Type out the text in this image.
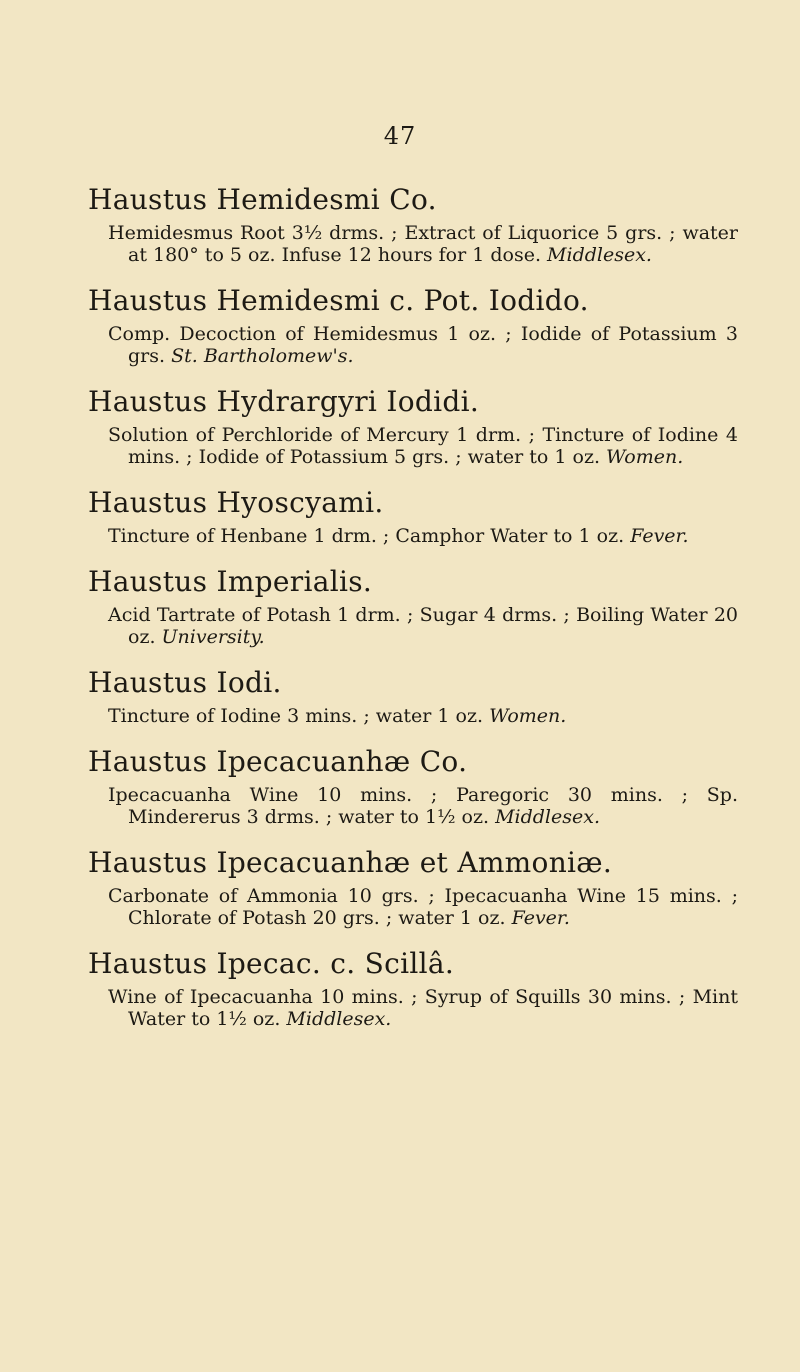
47
Haustus Hemidesmi Co.

Hemidesmus Root 3½ drms. ; Extract of Liquorice 5 grs. ; water at 180° to 5 oz. Infuse 12 hours for 1 dose. Middlesex.

Haustus Hemidesmi c. Pot. Iodido.

Comp. Decoction of Hemidesmus 1 oz. ; Iodide of Potassium 3 grs. St. Bartholomew's.

Haustus Hydrargyri Iodidi.

Solution of Perchloride of Mercury 1 drm. ; Tincture of Iodine 4 mins. ; Iodide of Potassium 5 grs. ; water to 1 oz. Women.

Haustus Hyoscyami.

Tincture of Henbane 1 drm. ; Camphor Water to 1 oz. Fever.

Haustus Imperialis.

Acid Tartrate of Potash 1 drm. ; Sugar 4 drms. ; Boiling Water 20 oz. University.

Haustus Iodi.

Tincture of Iodine 3 mins. ; water 1 oz. Women.

Haustus Ipecacuanhæ Co.

Ipecacuanha Wine 10 mins. ; Paregoric 30 mins. ; Sp. Mindererus 3 drms. ; water to 1½ oz. Middlesex.

Haustus Ipecacuanhæ et Ammoniæ.

Carbonate of Ammonia 10 grs. ; Ipecacuanha Wine 15 mins. ; Chlorate of Potash 20 grs. ; water 1 oz. Fever.

Haustus Ipecac. c. Scillâ.

Wine of Ipecacuanha 10 mins. ; Syrup of Squills 30 mins. ; Mint Water to 1½ oz. Middlesex.
